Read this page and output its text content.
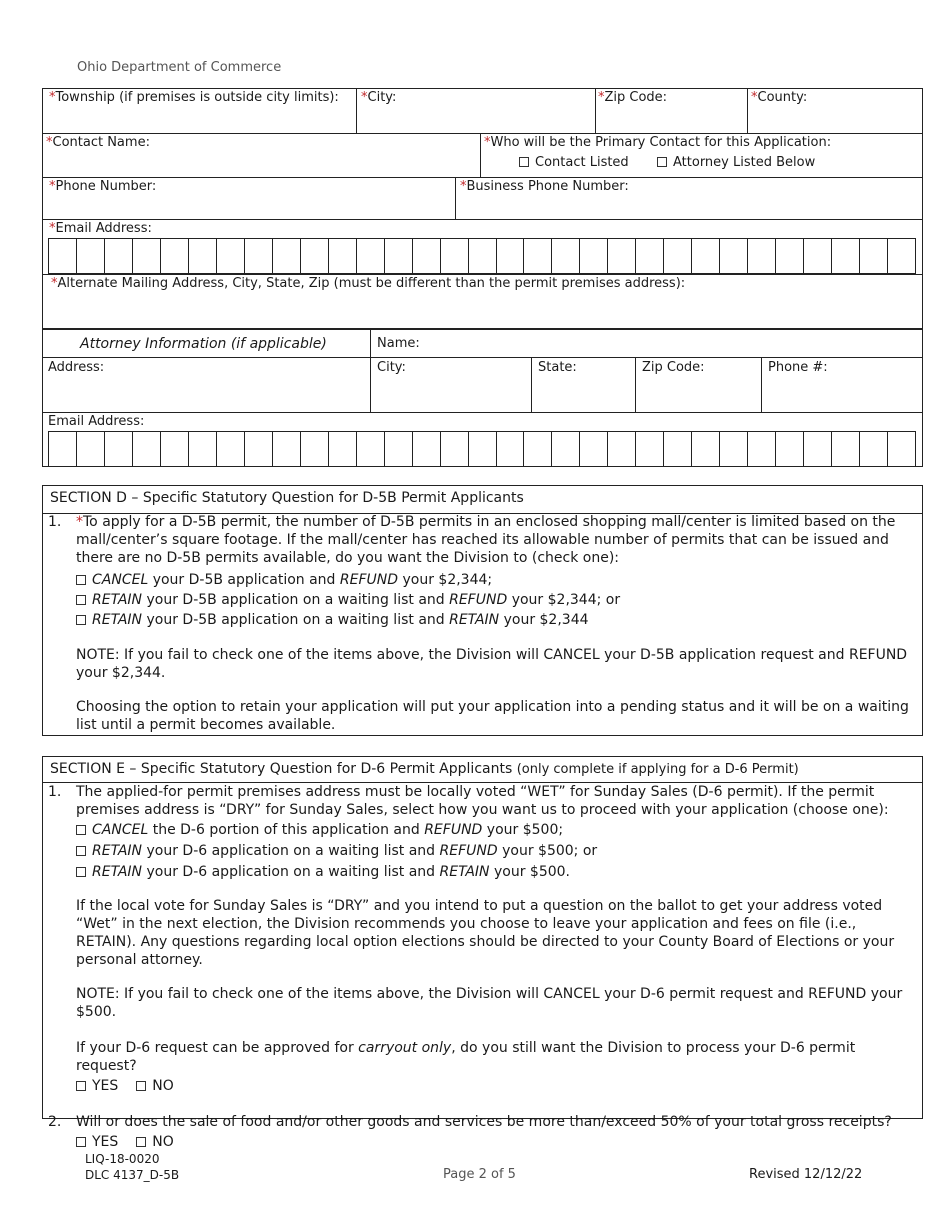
Ohio Department of Commerce
*Township (if premises is outside city limits): *City:	*Zip Code:	*County:
*Contact Name:	*Who will be the Primary Contact for this Application:
Contact Listed	Attorney Listed Below
*Phone Number:	*Business Phone Number:
*Email Address:
*Alternate Mailing Address, City, State, Zip (must be different than the permit premises address):
Attorney Information (if applicable)	Name:
Address:	City:	State:	Zip Code:	Phone #:
Email Address:
SECTION D – Specific Statutory Question for D-5B Permit Applicants
1.	*To apply for a D-5B permit, the number of D-5B permits in an enclosed shopping mall/center is limited based on the mall/center’s square footage. If the mall/center has reached its allowable number of permits that can be issued and there are no D-5B permits available, do you want the Division to (check one):

CANCEL your D-5B application and REFUND your $2,344;

RETAIN your D-5B application on a waiting list and REFUND your $2,344; or

RETAIN your D-5B application on a waiting list and RETAIN your $2,344

NOTE: If you fail to check one of the items above, the Division will CANCEL your D-5B application request and REFUND your $2,344.

Choosing the option to retain your application will put your application into a pending status and it will be on a waiting list until a permit becomes available.

SECTION E – Specific Statutory Question for D-6 Permit Applicants (only complete if applying for a D-6 Permit)
1.	The applied-for permit premises address must be locally voted “WET” for Sunday Sales (D-6 permit). If the permit premises address is “DRY” for Sunday Sales, select how you want us to proceed with your application (choose one):

CANCEL the D-6 portion of this application and REFUND your $500;

RETAIN your D-6 application on a waiting list and REFUND your $500; or

RETAIN your D-6 application on a waiting list and RETAIN your $500.

If the local vote for Sunday Sales is “DRY” and you intend to put a question on the ballot to get your address voted “Wet” in the next election, the Division recommends you choose to leave your application and fees on file (i.e., RETAIN). Any questions regarding local option elections should be directed to your County Board of Elections or your personal attorney.

NOTE: If you fail to check one of the items above, the Division will CANCEL your D-6 permit request and REFUND your $500.

If your D-6 request can be approved for carryout only, do you still want the Division to process your D-6 permit request?

YES NO

2.	Will or does the sale of food and/or other goods and services be more than/exceed 50% of your total gross receipts?

YES NO

LIQ-18-0020
DLC 4137_D-5B	Page 2 of 5	Revised 12/12/22
